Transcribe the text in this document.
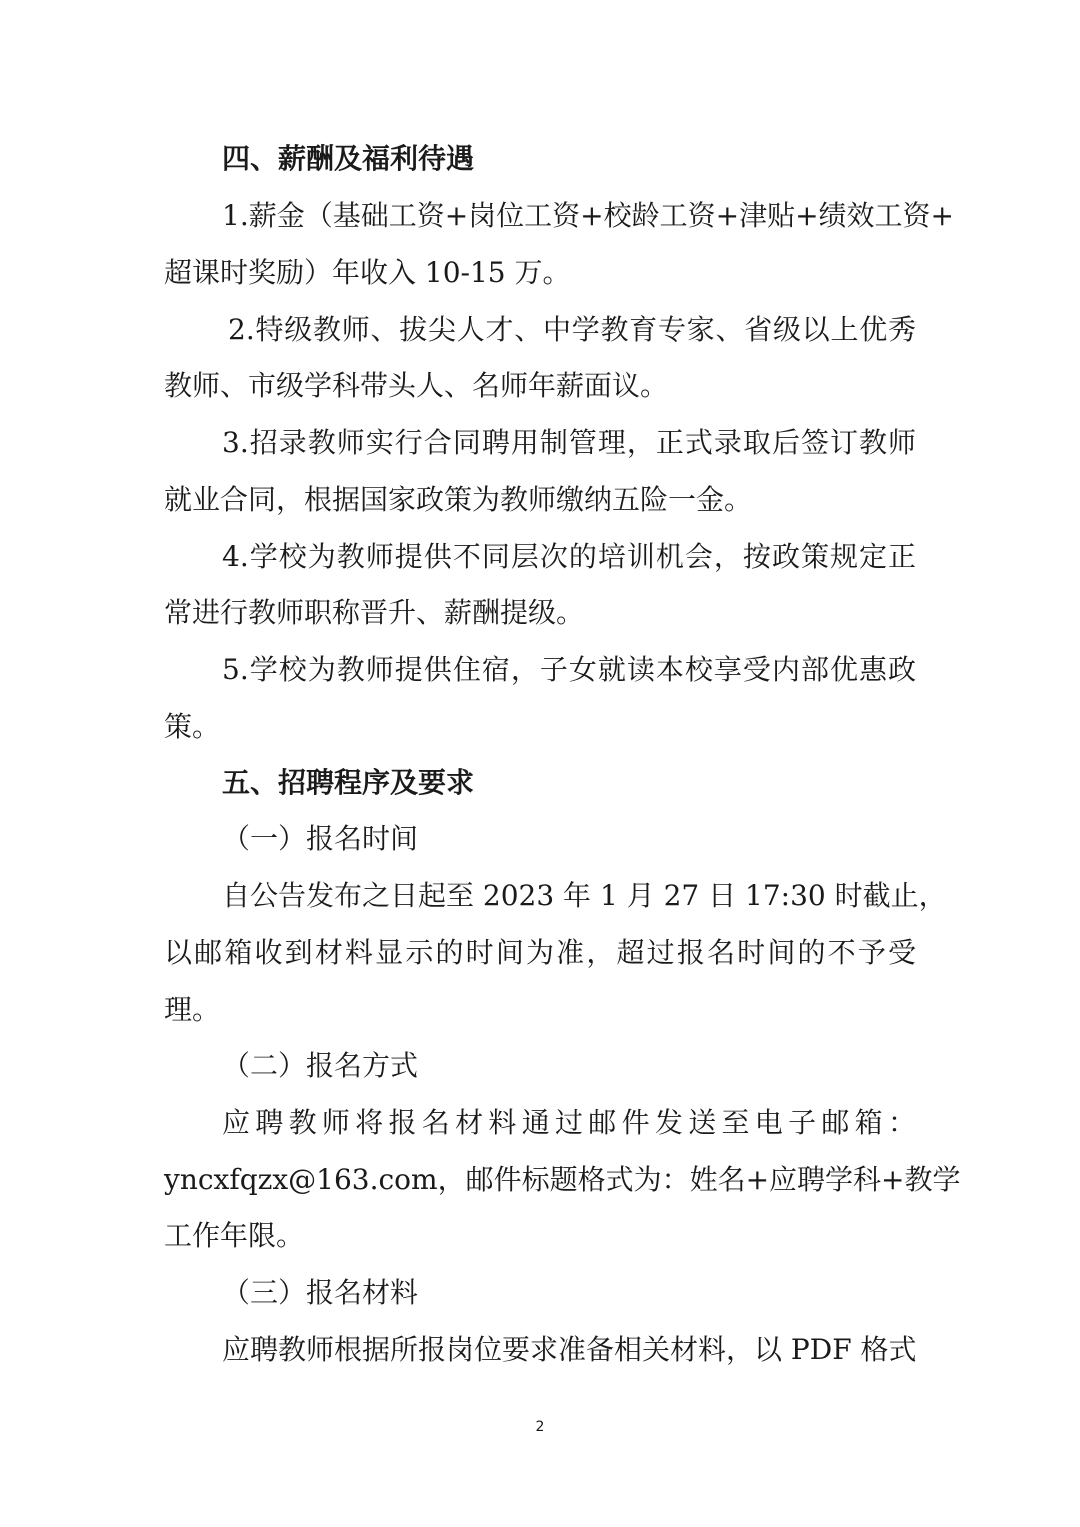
四、薪酬及福利待遇
1.薪金（基础工资+岗位工资+校龄工资+津贴+绩效工资+
超课时奖励）年收入 10-15 万。
2.特级教师、拔尖人才、中学教育专家、省级以上优秀
教师、市级学科带头人、名师年薪面议。
3.招录教师实行合同聘用制管理，正式录取后签订教师
就业合同，根据国家政策为教师缴纳五险一金。
4.学校为教师提供不同层次的培训机会，按政策规定正
常进行教师职称晋升、薪酬提级。
5.学校为教师提供住宿，子女就读本校享受内部优惠政
策。
五、招聘程序及要求
（一）报名时间
自公告发布之日起至 2023 年 1 月 27 日 17:30 时截止，
以邮箱收到材料显示的时间为准，超过报名时间的不予受
理。
（二）报名方式
应聘教师将报名材料通过邮件发送至电子邮箱：
yncxfqzx@163.com，邮件标题格式为：姓名+应聘学科+教学
工作年限。
（三）报名材料
应聘教师根据所报岗位要求准备相关材料，以 PDF 格式
2
